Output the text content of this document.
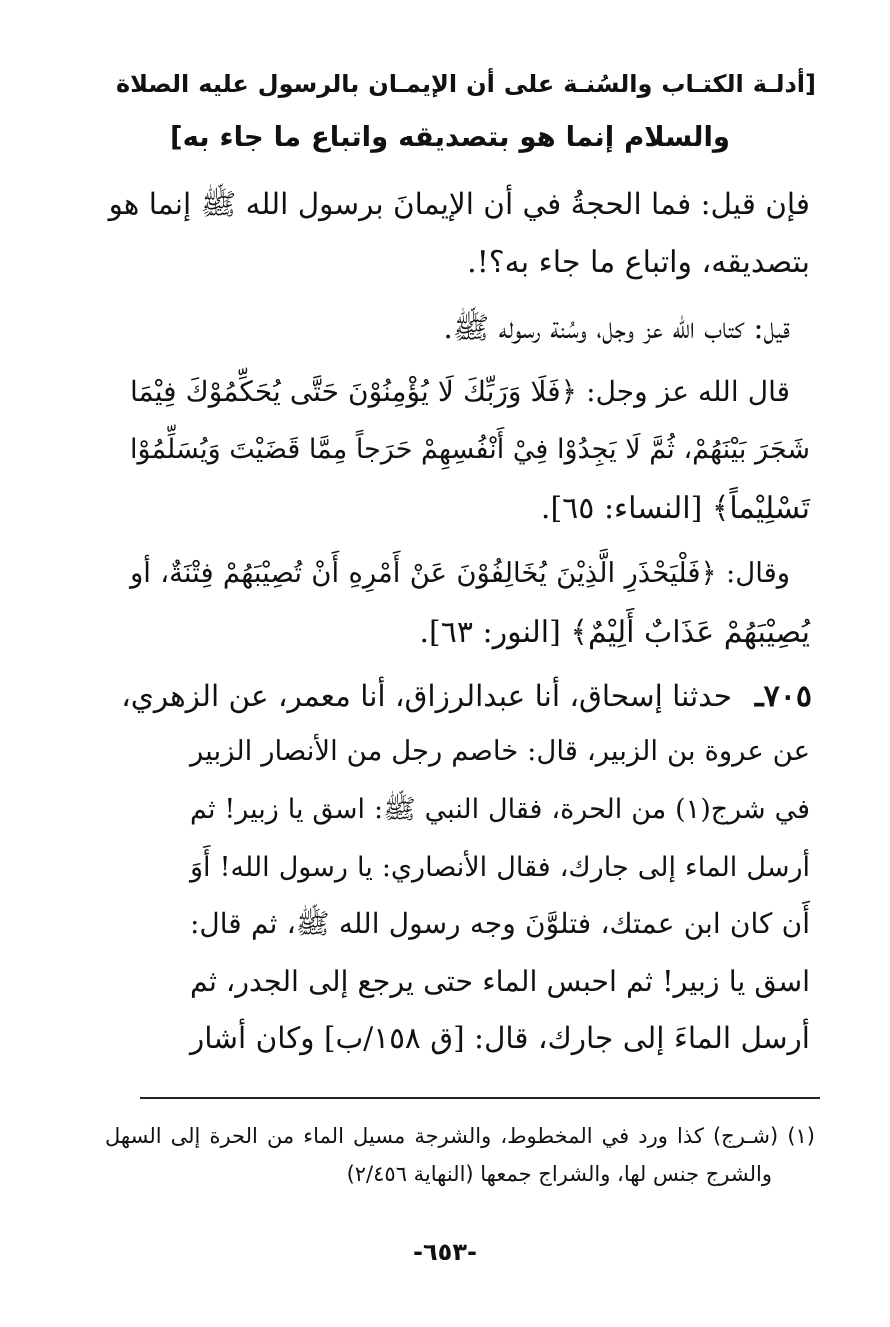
[أدلـة الكتـاب والسُنـة على أن الإيمـان بالرسول عليه الصلاة
والسلام إنما هو بتصديقه واتباع ما جاء به]
فإن قيل: فما الحجةُ في أن الإيمانَ برسول الله ﷺ إنما هو
بتصديقه، واتباع ما جاء به؟!.
قيل: كتاب الله عز وجل، وسُنة رسوله ﷺ.
قال الله عز وجل: ﴿فَلَا وَرَبِّكَ لَا يُؤْمِنُوْنَ حَتَّى يُحَكِّمُوْكَ فِيْمَا
شَجَرَ بَيْنَهُمْ، ثُمَّ لَا يَجِدُوْا فِيْ أَنْفُسِهِمْ حَرَجاً مِمَّا قَضَيْتَ وَيُسَلِّمُوْا
تَسْلِيْماً﴾ [النساء: ٦٥].
وقال: ﴿فَلْيَحْذَرِ الَّذِيْنَ يُخَالِفُوْنَ عَنْ أَمْرِهِ أَنْ تُصِيْبَهُمْ فِتْنَةٌ، أو
يُصِيْبَهُمْ عَذَابٌ أَلِيْمٌ﴾ [النور: ٦٣].
٧٠٥ـ
حدثنا إسحاق، أنا عبدالرزاق، أنا معمر، عن الزهري،
عن عروة بن الزبير، قال: خاصم رجل من الأنصار الزبير
في شرج(١) من الحرة، فقال النبي ﷺ: اسق يا زبير! ثم
أرسل الماء إلى جارك، فقال الأنصاري: يا رسول الله! أَوَ
أَن كان ابن عمتك، فتلوَّنَ وجه رسول الله ﷺ، ثم قال:
اسق يا زبير! ثم احبس الماء حتى يرجع إلى الجدر، ثم
أرسل الماءَ إلى جارك، قال: [ق ١٥٨/ب] وكان أشار
(١) (شـرج) كذا ورد في المخطوط، والشرجة مسيل الماء من الحرة إلى السهل
والشرج جنس لها، والشراج جمعها (النهاية ٢/٤٥٦)
-٦٥٣-
